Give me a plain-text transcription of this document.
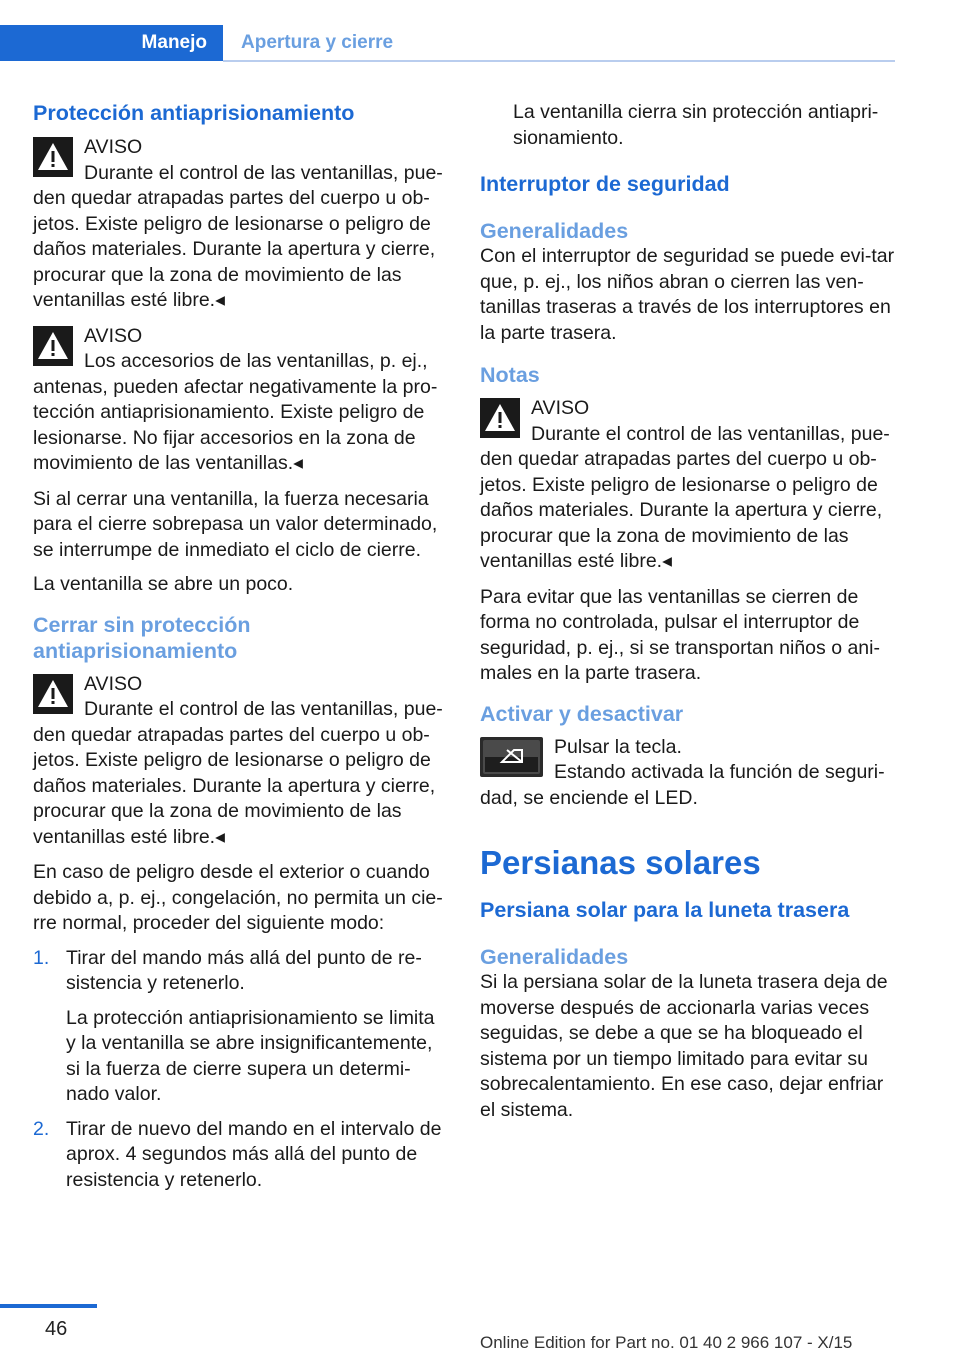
Manejo	Apertura y cierre
Protección antiaprisionamiento
AVISO
Durante el control de las ventanillas, pue-den quedar atrapadas partes del cuerpo u ob-jetos. Existe peligro de lesionarse o peligro de daños materiales. Durante la apertura y cierre, procurar que la zona de movimiento de las ventanillas esté libre.◂
AVISO
Los accesorios de las ventanillas, p. ej., antenas, pueden afectar negativamente la pro-tección antiaprisionamiento. Existe peligro de lesionarse. No fijar accesorios en la zona de movimiento de las ventanillas.◂

Si al cerrar una ventanilla, la fuerza necesaria para el cierre sobrepasa un valor determinado, se interrumpe de inmediato el ciclo de cierre.

La ventanilla se abre un poco.

Cerrar sin protección antiaprisionamiento
AVISO
Durante el control de las ventanillas, pue-den quedar atrapadas partes del cuerpo u ob-jetos. Existe peligro de lesionarse o peligro de daños materiales. Durante la apertura y cierre, procurar que la zona de movimiento de las ventanillas esté libre.◂

En caso de peligro desde el exterior o cuando debido a, p. ej., congelación, no permita un cie-rre normal, proceder del siguiente modo:

1. Tirar del mando más allá del punto de re-sistencia y retenerlo.

La protección antiaprisionamiento se limita y la ventanilla se abre insignificantemente, si la fuerza de cierre supera un determi-nado valor.

2. Tirar de nuevo del mando en el intervalo de aprox. 4 segundos más allá del punto de resistencia y retenerlo.

La ventanilla cierra sin protección antiapri-sionamiento.

Interruptor de seguridad
Generalidades

Con el interruptor de seguridad se puede evi-tar que, p. ej., los niños abran o cierren las ven-tanillas traseras a través de los interruptores en la parte trasera.

Notas
AVISO
Durante el control de las ventanillas, pue-den quedar atrapadas partes del cuerpo u ob-jetos. Existe peligro de lesionarse o peligro de daños materiales. Durante la apertura y cierre, procurar que la zona de movimiento de las ventanillas esté libre.◂

Para evitar que las ventanillas se cierren de forma no controlada, pulsar el interruptor de seguridad, p. ej., si se transportan niños o ani-males en la parte trasera.

Activar y desactivar
Pulsar la tecla.
Estando activada la función de seguri-dad, se enciende el LED.
Persianas solares
Persiana solar para la luneta trasera
Generalidades

Si la persiana solar de la luneta trasera deja de moverse después de accionarla varias veces seguidas, se debe a que se ha bloqueado el sistema por un tiempo limitado para evitar su sobrecalentamiento. En ese caso, dejar enfriar el sistema.

46
Online Edition for Part no. 01 40 2 966 107 - X/15
